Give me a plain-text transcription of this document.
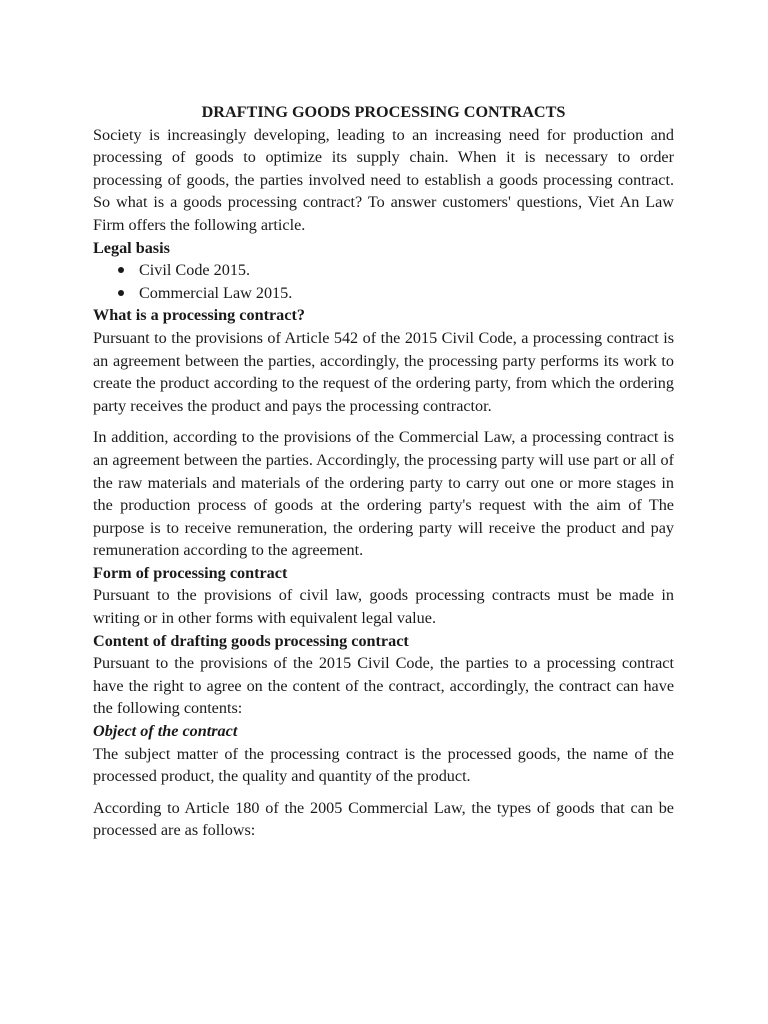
DRAFTING GOODS PROCESSING CONTRACTS

Society is increasingly developing, leading to an increasing need for production and processing of goods to optimize its supply chain. When it is necessary to order processing of goods, the parties involved need to establish a goods processing contract. So what is a goods processing contract? To answer customers' questions, Viet An Law Firm offers the following article.

Legal basis

Civil Code 2015.
Commercial Law 2015.

What is a processing contract?

Pursuant to the provisions of Article 542 of the 2015 Civil Code, a processing contract is an agreement between the parties, accordingly, the processing party performs its work to create the product according to the request of the ordering party, from which the ordering party receives the product and pays the processing contractor.

In addition, according to the provisions of the Commercial Law, a processing contract is an agreement between the parties. Accordingly, the processing party will use part or all of the raw materials and materials of the ordering party to carry out one or more stages in the production process of goods at the ordering party's request with the aim of The purpose is to receive remuneration, the ordering party will receive the product and pay remuneration according to the agreement.

Form of processing contract

Pursuant to the provisions of civil law, goods processing contracts must be made in writing or in other forms with equivalent legal value.

Content of drafting goods processing contract

Pursuant to the provisions of the 2015 Civil Code, the parties to a processing contract have the right to agree on the content of the contract, accordingly, the contract can have the following contents:

Object of the contract

The subject matter of the processing contract is the processed goods, the name of the processed product, the quality and quantity of the product.

According to Article 180 of the 2005 Commercial Law, the types of goods that can be processed are as follows:
